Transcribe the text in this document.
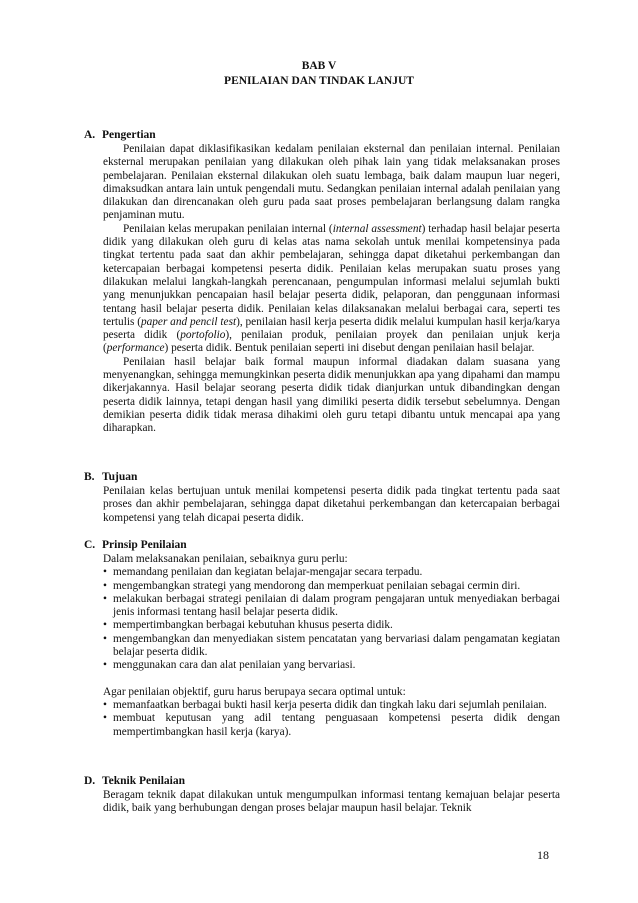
BAB V
PENILAIAN DAN TINDAK LANJUT
A. Pengertian

Penilaian dapat diklasifikasikan kedalam penilaian eksternal dan penilaian internal. Penilaian eksternal merupakan penilaian yang dilakukan oleh pihak lain yang tidak melaksanakan proses pembelajaran. Penilaian eksternal dilakukan oleh suatu lembaga, baik dalam maupun luar negeri, dimaksudkan antara lain untuk pengendali mutu. Sedangkan penilaian internal adalah penilaian yang dilakukan dan direncanakan oleh guru pada saat proses pembelajaran berlangsung dalam rangka penjaminan mutu.

Penilaian kelas merupakan penilaian internal (internal assessment) terhadap hasil belajar peserta didik yang dilakukan oleh guru di kelas atas nama sekolah untuk menilai kompetensinya pada tingkat tertentu pada saat dan akhir pembelajaran, sehingga dapat diketahui perkembangan dan ketercapaian berbagai kompetensi peserta didik. Penilaian kelas merupakan suatu proses yang dilakukan melalui langkah-langkah perencanaan, pengumpulan informasi melalui sejumlah bukti yang menunjukkan pencapaian hasil belajar peserta didik, pelaporan, dan penggunaan informasi tentang hasil belajar peserta didik. Penilaian kelas dilaksanakan melalui berbagai cara, seperti tes tertulis (paper and pencil test), penilaian hasil kerja peserta didik melalui kumpulan hasil kerja/karya peserta didik (portofolio), penilaian produk, penilaian proyek dan penilaian unjuk kerja (performance) peserta didik. Bentuk penilaian seperti ini disebut dengan penilaian hasil belajar.

Penilaian hasil belajar baik formal maupun informal diadakan dalam suasana yang menyenangkan, sehingga memungkinkan peserta didik menunjukkan apa yang dipahami dan mampu dikerjakannya. Hasil belajar seorang peserta didik tidak dianjurkan untuk dibandingkan dengan peserta didik lainnya, tetapi dengan hasil yang dimiliki peserta didik tersebut sebelumnya. Dengan demikian peserta didik tidak merasa dihakimi oleh guru tetapi dibantu untuk mencapai apa yang diharapkan.

B. Tujuan

Penilaian kelas bertujuan untuk menilai kompetensi peserta didik pada tingkat tertentu pada saat proses dan akhir pembelajaran, sehingga dapat diketahui perkembangan dan ketercapaian berbagai kompetensi yang telah dicapai peserta didik.

C. Prinsip Penilaian

Dalam melaksanakan penilaian, sebaiknya guru perlu:

• memandang penilaian dan kegiatan belajar-mengajar secara terpadu.
• mengembangkan strategi yang mendorong dan memperkuat penilaian sebagai cermin diri.
• melakukan berbagai strategi penilaian di dalam program pengajaran untuk menyediakan berbagai jenis informasi tentang hasil belajar peserta didik.
• mempertimbangkan berbagai kebutuhan khusus peserta didik.
• mengembangkan dan menyediakan sistem pencatatan yang bervariasi dalam pengamatan kegiatan belajar peserta didik.
• menggunakan cara dan alat penilaian yang bervariasi.

Agar penilaian objektif, guru harus berupaya secara optimal untuk:

• memanfaatkan berbagai bukti hasil kerja peserta didik dan tingkah laku dari sejumlah penilaian.
• membuat keputusan yang adil tentang penguasaan kompetensi peserta didik dengan mempertimbangkan hasil kerja (karya).
D. Teknik Penilaian

Beragam teknik dapat dilakukan untuk mengumpulkan informasi tentang kemajuan belajar peserta didik, baik yang berhubungan dengan proses belajar maupun hasil belajar. Teknik

18
